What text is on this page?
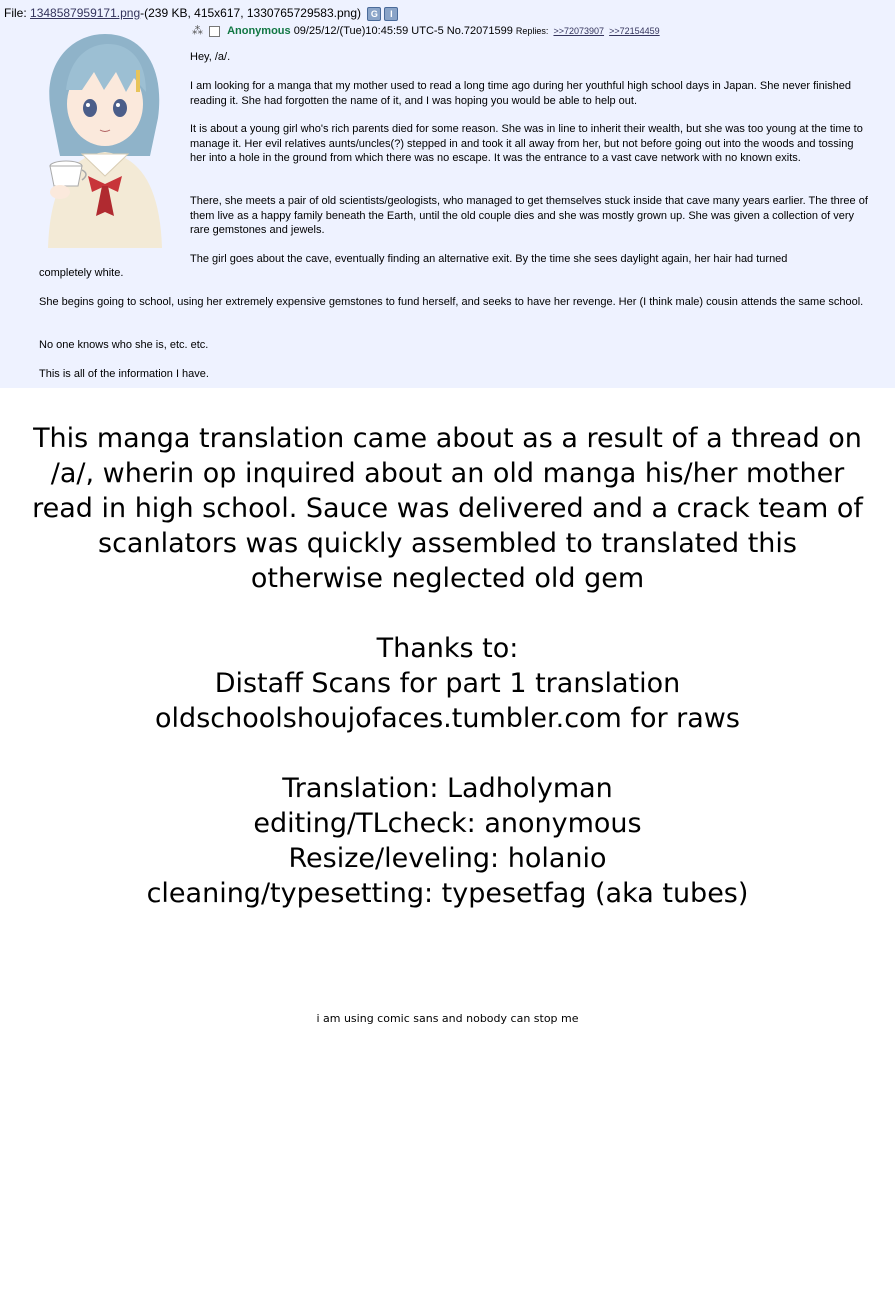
File: 1348587959171.png-(239 KB, 415x617, 1330765729583.png) G I
⁂ Anonymous 09/25/12/(Tue)10:45:59 UTC-5 No.72071599 Replies: >>72073907 >>72154459
Hey, /a/.
I am looking for a manga that my mother used to read a long time ago during her youthful high school days in Japan. She never finished reading it. She had forgotten the name of it, and I was hoping you would be able to help out.
It is about a young girl who's rich parents died for some reason. She was in line to inherit their wealth, but she was too young at the time to manage it. Her evil relatives aunts/uncles(?) stepped in and took it all away from her, but not before going out into the woods and tossing her into a hole in the ground from which there was no escape. It was the entrance to a vast cave network with no known exits.
There, she meets a pair of old scientists/geologists, who managed to get themselves stuck inside that cave many years earlier. The three of them live as a happy family beneath the Earth, until the old couple dies and she was mostly grown up. She was given a collection of very rare gemstones and jewels.
The girl goes about the cave, eventually finding an alternative exit. By the time she sees daylight again, her hair had turned
completely white.
She begins going to school, using her extremely expensive gemstones to fund herself, and seeks to have her revenge. Her (I think male) cousin attends the same school.
No one knows who she is, etc. etc.
This is all of the information I have.
This manga translation came about as a result of a thread on
/a/, wherin op inquired about an old manga his/her mother
read in high school. Sauce was delivered and a crack team of
scanlators was quickly assembled to translated this
otherwise neglected old gem
Thanks to:
Distaff Scans for part 1 translation
oldschoolshoujofaces.tumbler.com for raws
Translation: Ladholyman
editing/TLcheck: anonymous
Resize/leveling: holanio
cleaning/typesetting: typesetfag (aka tubes)
i am using comic sans and nobody can stop me
